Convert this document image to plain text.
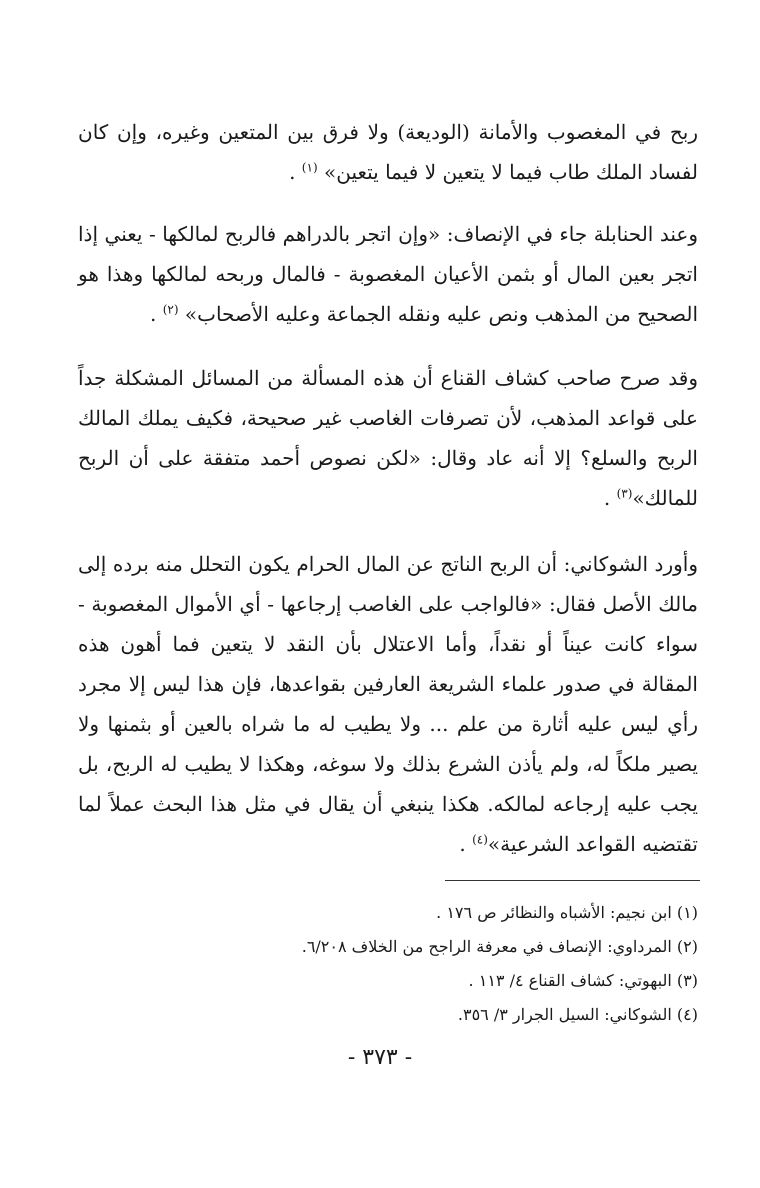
ربح في المغصوب والأمانة (الوديعة) ولا فرق بين المتعين وغيره، وإن كان لفساد الملك طاب فيما لا يتعين لا فيما يتعين» $^{(١)}$ .

وعند الحنابلة جاء في الإنصاف: «وإن اتجر بالدراهم فالربح لمالكها - يعني إذا اتجر بعين المال أو بثمن الأعيان المغصوبة - فالمال وربحه لمالكها وهذا هو الصحيح من المذهب ونص عليه ونقله الجماعة وعليه الأصحاب» $^{(٢)}$ .

وقد صرح صاحب كشاف القناع أن هذه المسألة من المسائل المشكلة جداً على قواعد المذهب، لأن تصرفات الغاصب غير صحيحة، فكيف يملك المالك الربح والسلع؟ إلا أنه عاد وقال: «لكن نصوص أحمد متفقة على أن الربح للمالك»$^{(٣)}$ .

وأورد الشوكاني: أن الربح الناتج عن المال الحرام يكون التحلل منه برده إلى مالك الأصل فقال: «فالواجب على الغاصب إرجاعها - أي الأموال المغصوبة - سواء كانت عيناً أو نقداً، وأما الاعتلال بأن النقد لا يتعين فما أهون هذه المقالة في صدور علماء الشريعة العارفين بقواعدها، فإن هذا ليس إلا مجرد رأي ليس عليه أثارة من علم ... ولا يطيب له ما شراه بالعين أو بثمنها ولا يصير ملكاً له، ولم يأذن الشرع بذلك ولا سوغه، وهكذا لا يطيب له الربح، بل يجب عليه إرجاعه لمالكه. هكذا ينبغي أن يقال في مثل هذا البحث عملاً لما تقتضيه القواعد الشرعية»$^{(٤)}$ .

(١) ابن نجيم: الأشباه والنظائر ص ١٧٦ .

(٢) المرداوي: الإنصاف في معرفة الراجح من الخلاف ٦/٢٠٨.

(٣) البهوتي: كشاف القناع ٤/ ١١٣ .

(٤) الشوكاني: السيل الجرار ٣/ ٣٥٦.

- ٣٧٣ -
